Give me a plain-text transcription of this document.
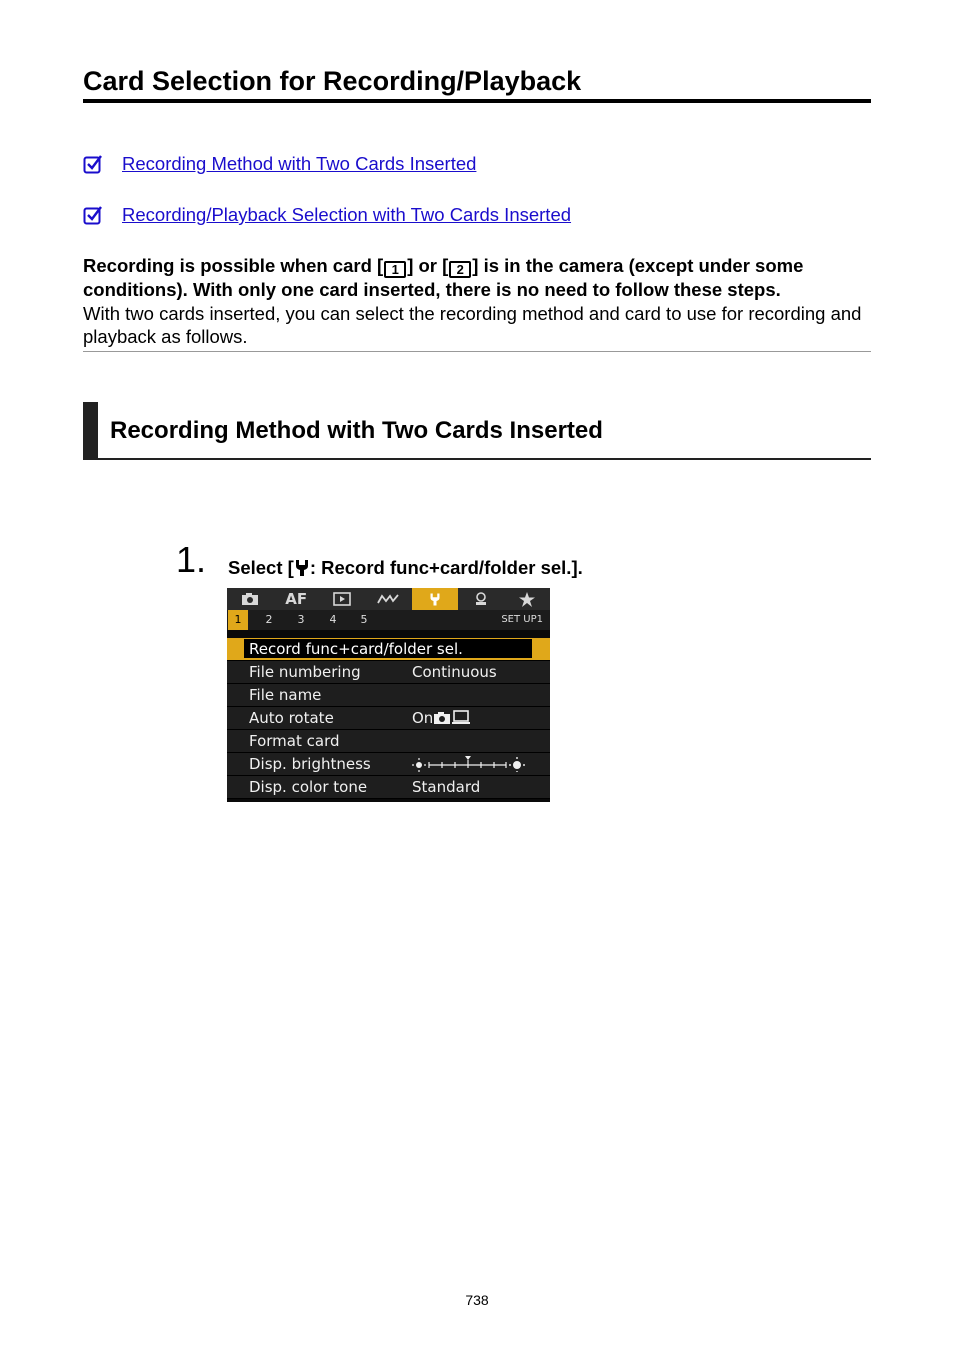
Card Selection for Recording/Playback
Recording Method with Two Cards Inserted
Recording/Playback Selection with Two Cards Inserted
Recording is possible when card [ 1 ] or [ 2 ] is in the camera (except under some conditions). With only one card inserted, there is no need to follow these steps.
With two cards inserted, you can select the recording method and card to use for recording and playback as follows.
Recording Method with Two Cards Inserted
1. Select [ : Record func+card/folder sel.].
AF
1	2	3	4	5	SET UP1
Record func+card/folder sel.
File numbering	Continuous
File name
Auto rotate	On
Format card
Disp. brightness
Disp. color tone	Standard
738
